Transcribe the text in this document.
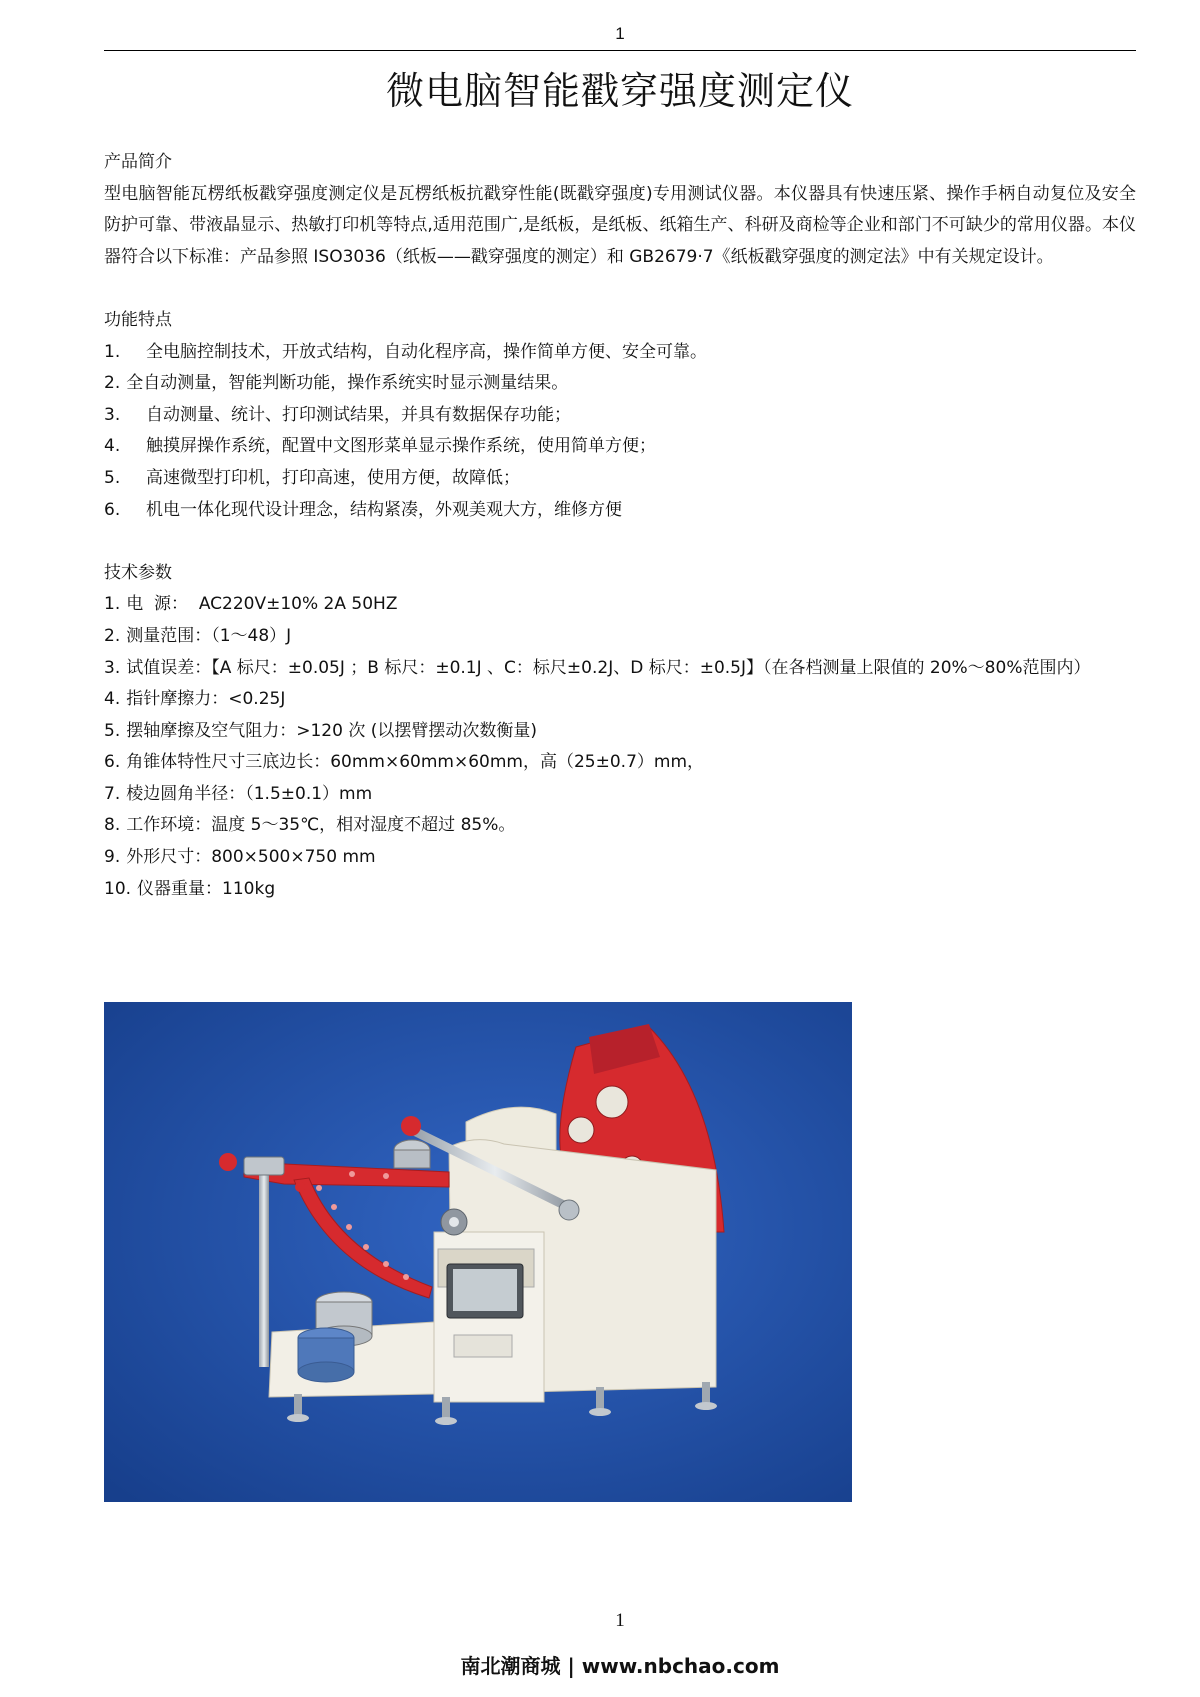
1
微电脑智能戳穿强度测定仪

产品简介

型电脑智能瓦楞纸板戳穿强度测定仪是瓦楞纸板抗戳穿性能(既戳穿强度)专用测试仪器。本仪器具有快速压紧、操作手柄自动复位及安全防护可靠、带液晶显示、热敏打印机等特点,适用范围广,是纸板，是纸板、纸箱生产、科研及商检等企业和部门不可缺少的常用仪器。本仪器符合以下标准：产品参照 ISO3036（纸板——戳穿强度的测定）和 GB2679·7《纸板戳穿强度的测定法》中有关规定设计。

功能特点

1. 全电脑控制技术，开放式结构，自动化程序高，操作简单方便、安全可靠。
2. 全自动测量，智能判断功能，操作系统实时显示测量结果。
3. 自动测量、统计、打印测试结果，并具有数据保存功能；
4. 触摸屏操作系统，配置中文图形菜单显示操作系统，使用简单方便；
5. 高速微型打印机，打印高速，使用方便，故障低；
6. 机电一体化现代设计理念，结构紧凑，外观美观大方，维修方便

技术参数

1. 电  源：  AC220V±10% 2A 50HZ
2. 测量范围：（1～48）J
3. 试值误差：【A 标尺：±0.05J ；B 标尺：±0.1J 、C：标尺±0.2J、D 标尺：±0.5J】（在各档测量上限值的 20%～80%范围内）
4. 指针摩擦力：<0.25J
5. 摆轴摩擦及空气阻力：>120 次 (以摆臂摆动次数衡量)
6. 角锥体特性尺寸三底边长：60mm×60mm×60mm，高（25±0.7）mm，
7. 棱边圆角半径：（1.5±0.1）mm
8. 工作环境：温度 5～35℃，相对湿度不超过 85%。
9. 外形尺寸：800×500×750 mm
10. 仪器重量：110kg
1
南北潮商城 | www.nbchao.com
